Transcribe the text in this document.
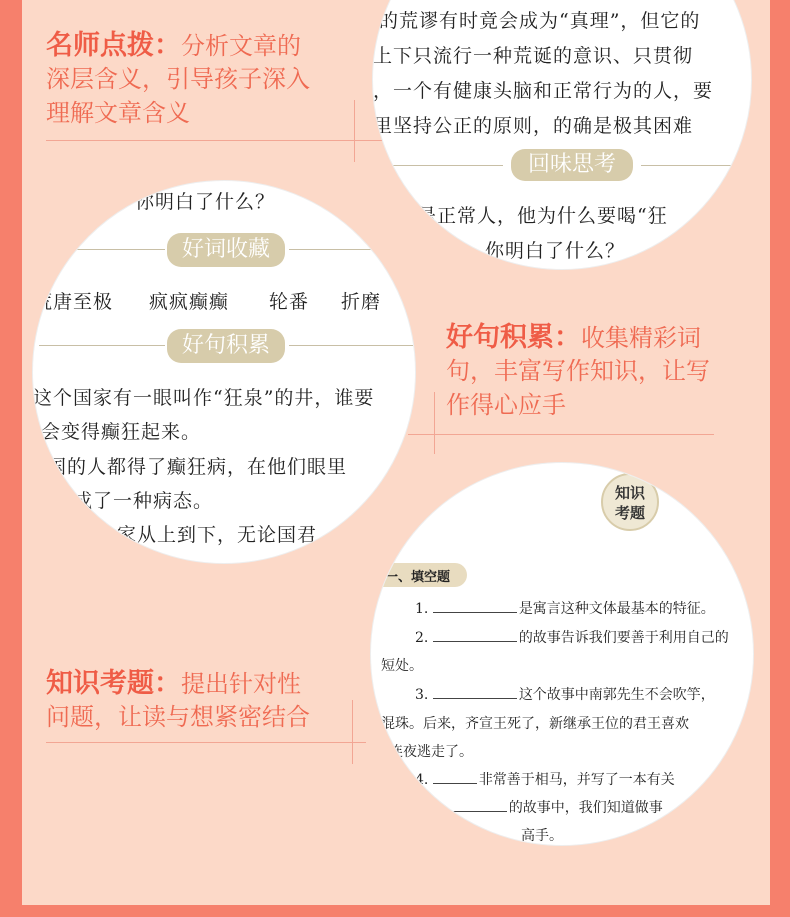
名师点拨：分析文章的
深层含义，引导孩子深入
理解文章含义
的荒谬有时竟会成为“真理”，但它的
上下只流行一种荒诞的意识、只贯彻
，一个有健康头脑和正常行为的人，要
里坚持公正的原则，的确是极其困难
回味思考
是正常人，他为什么要喝“狂
，你明白了什么？
，你明白了什么？
好词收藏
荒唐至极 疯疯癫癫 轮番 折磨
好句积累
这个国家有一眼叫作“狂泉”的井，谁要
会变得癫狂起来。
国的人都得了癫狂病，在他们眼里
成了一种病态。
家从上到下，无论国君
好句积累：收集精彩词
句，丰富写作知识，让写
作得心应手
知识
考题
一、填空题
1.	是寓言这种文体最基本的特征。
2.	的故事告诉我们要善于利用自己的
短处。
3.	这个故事中南郭先生不会吹竽，
混珠。后来，齐宣王死了，新继承王位的君王喜欢
连夜逃走了。
4.	非常善于相马，并写了一本有关
5.	的故事中，我们知道做事
高手。
知识考题：提出针对性
问题，让读与想紧密结合
